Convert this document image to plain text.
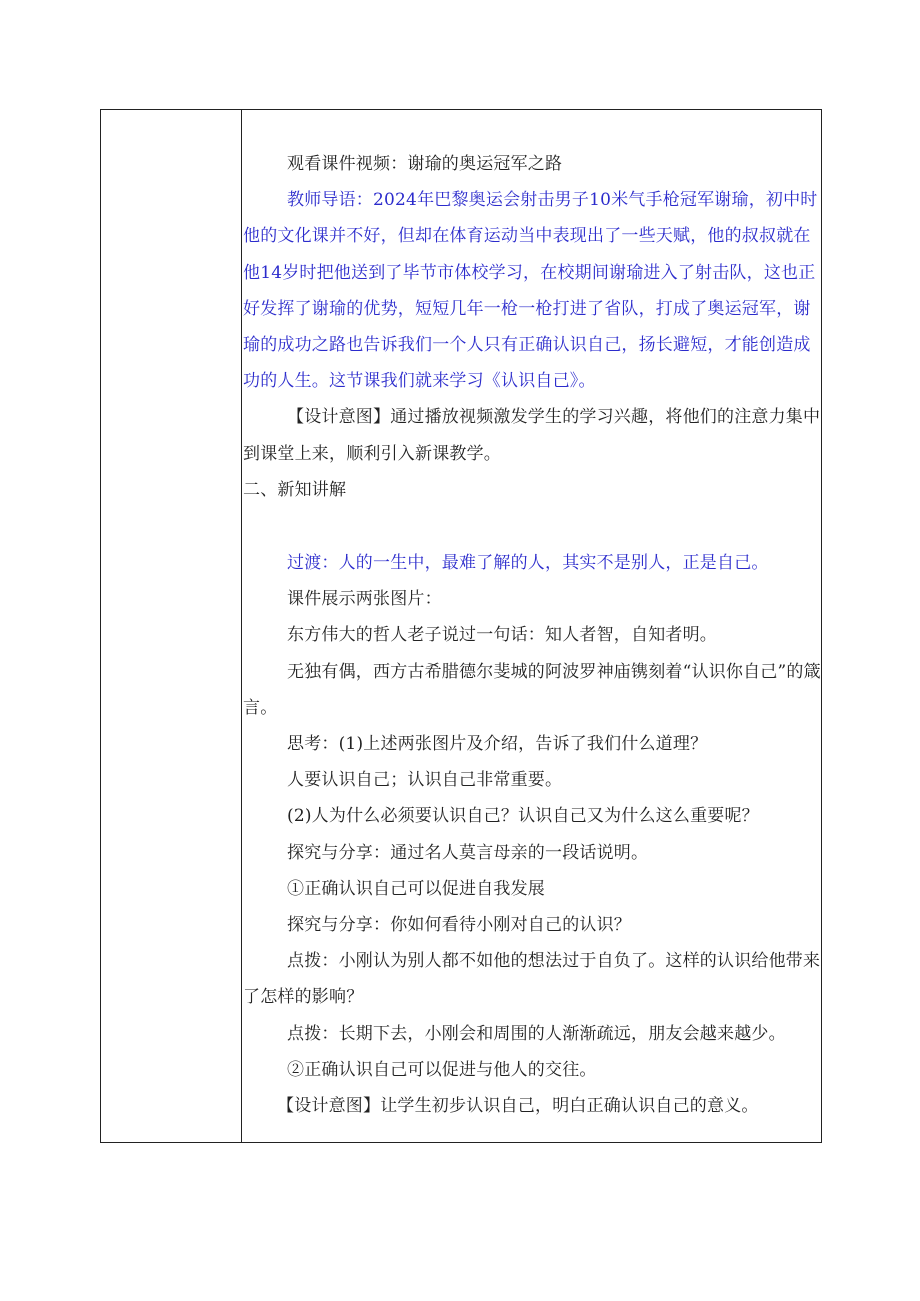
观看课件视频：谢瑜的奥运冠军之路

教师导语：2024年巴黎奥运会射击男子10米气手枪冠军谢瑜，初中时他的文化课并不好，但却在体育运动当中表现出了一些天赋，他的叔叔就在他14岁时把他送到了毕节市体校学习，在校期间谢瑜进入了射击队，这也正好发挥了谢瑜的优势，短短几年一枪一枪打进了省队，打成了奥运冠军，谢瑜的成功之路也告诉我们一个人只有正确认识自己，扬长避短，才能创造成功的人生。这节课我们就来学习《认识自己》。

【设计意图】通过播放视频激发学生的学习兴趣，将他们的注意力集中到课堂上来，顺利引入新课教学。

二、新知讲解

过渡：人的一生中，最难了解的人，其实不是别人，正是自己。

课件展示两张图片：

东方伟大的哲人老子说过一句话：知人者智，自知者明。

无独有偶，西方古希腊德尔斐城的阿波罗神庙镌刻着“认识你自己”的箴言。

思考：(1)上述两张图片及介绍，告诉了我们什么道理？

人要认识自己；认识自己非常重要。

(2)人为什么必须要认识自己？认识自己又为什么这么重要呢？

探究与分享：通过名人莫言母亲的一段话说明。

①正确认识自己可以促进自我发展

探究与分享：你如何看待小刚对自己的认识？

点拨：小刚认为别人都不如他的想法过于自负了。这样的认识给他带来了怎样的影响？

点拨：长期下去，小刚会和周围的人渐渐疏远，朋友会越来越少。

②正确认识自己可以促进与他人的交往。

【设计意图】让学生初步认识自己，明白正确认识自己的意义。
